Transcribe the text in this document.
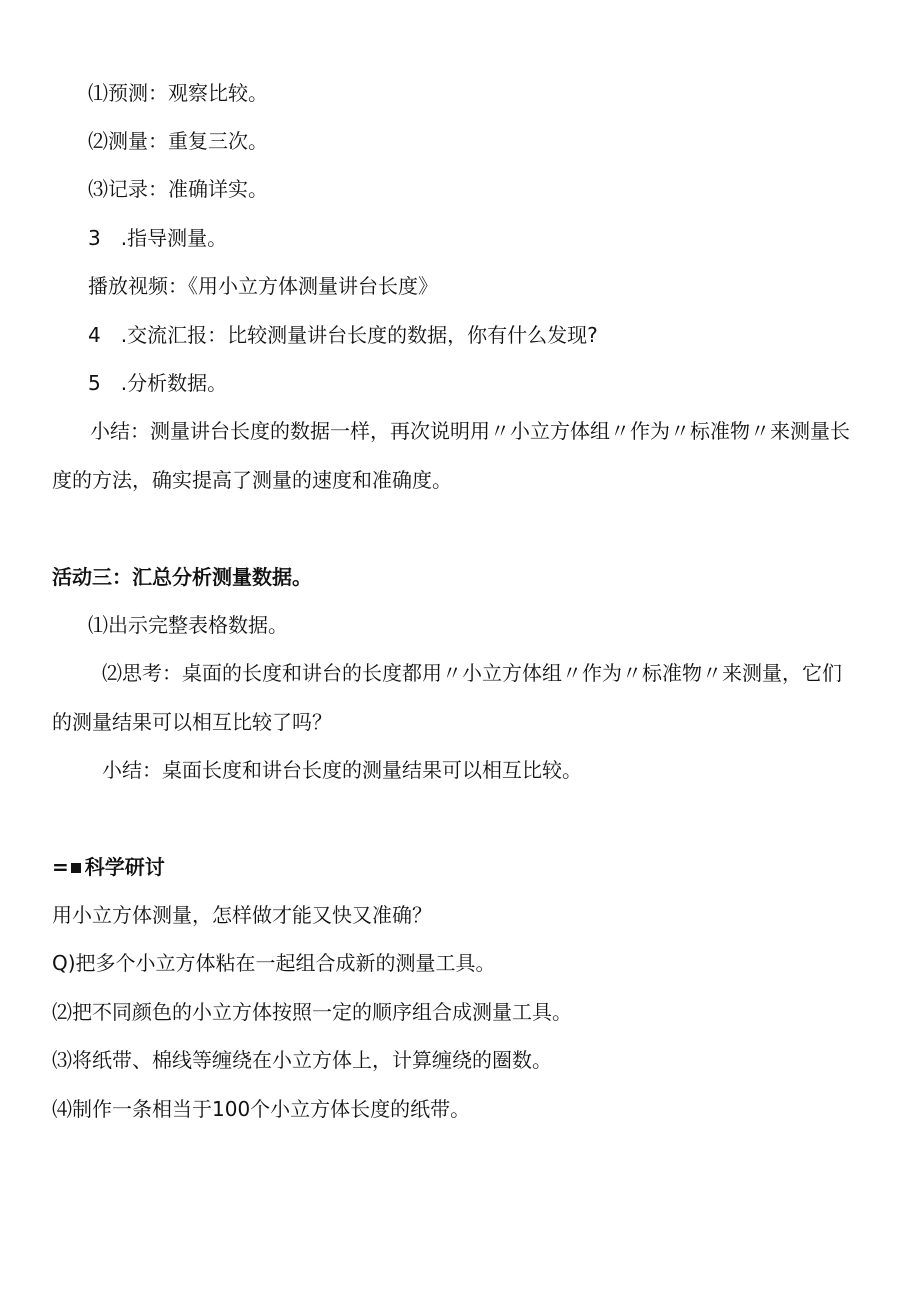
⑴预测：观察比较。
⑵测量：重复三次。
⑶记录：准确详实。
3　.指导测量。
播放视频：《用小立方体测量讲台长度》
4　.交流汇报：比较测量讲台长度的数据，你有什么发现?
5　.分析数据。
小结：测量讲台长度的数据一样，再次说明用〃小立方体组〃作为〃标准物〃来测量长
度的方法，确实提高了测量的速度和准确度。
活动三：汇总分析测量数据。
⑴出示完整表格数据。
⑵思考：桌面的长度和讲台的长度都用〃小立方体组〃作为〃标准物〃来测量，它们
的测量结果可以相互比较了吗？
小结：桌面长度和讲台长度的测量结果可以相互比较。
= 科学研讨
用小立方体测量，怎样做才能又快又准确？
Q)把多个小立方体粘在一起组合成新的测量工具。
⑵把不同颜色的小立方体按照一定的顺序组合成测量工具。
⑶将纸带、棉线等缠绕在小立方体上，计算缠绕的圈数。
⑷制作一条相当于100个小立方体长度的纸带。
